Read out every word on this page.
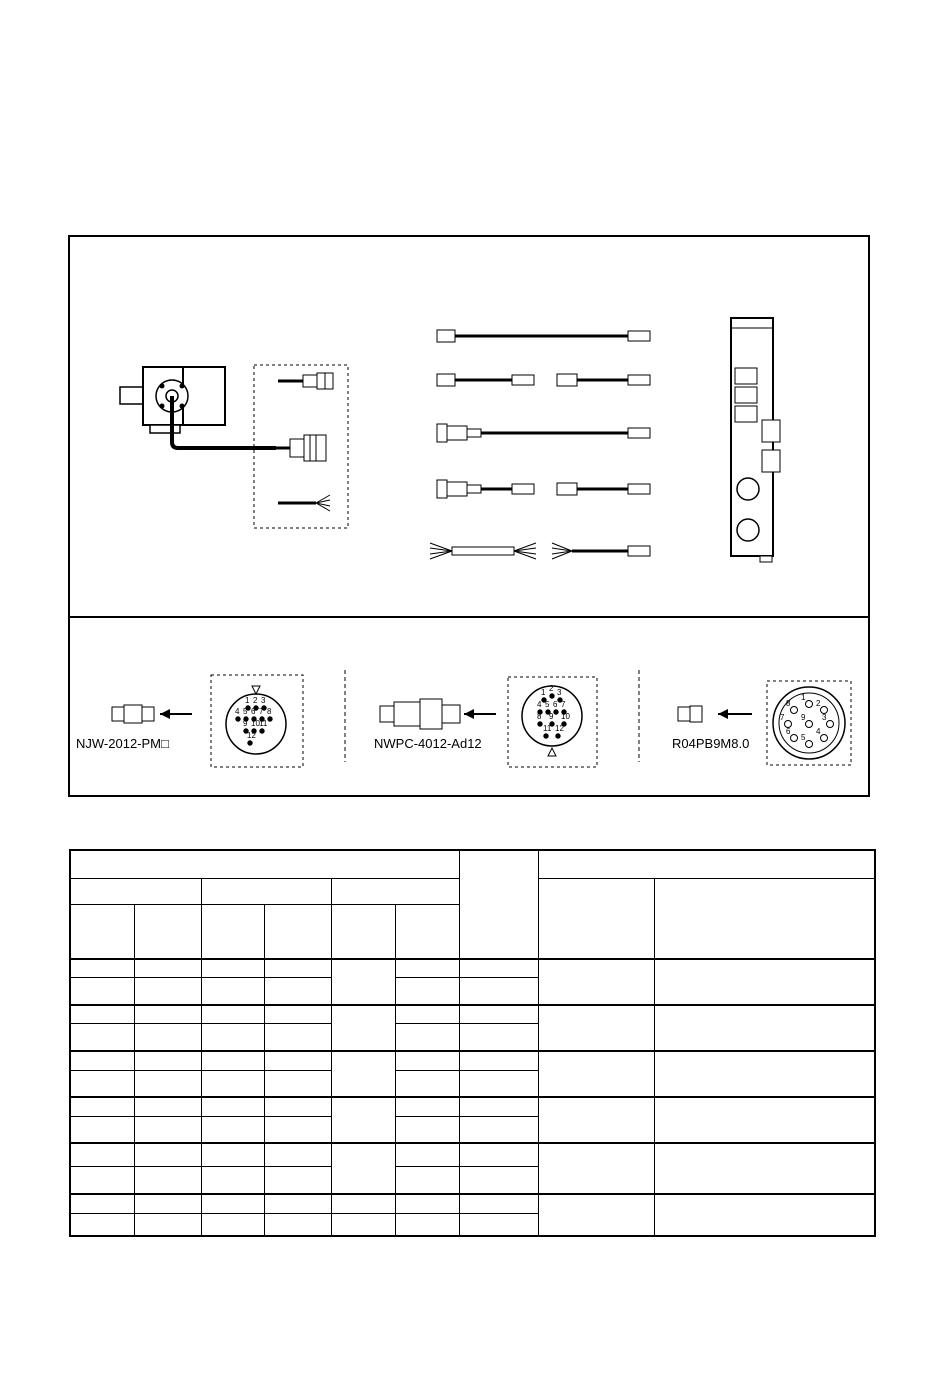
NJW-2012-PM□
1 2 3
4 5 6 7 8
9 10 11
12
NWPC-4012-Ad12
1 2 3
4 5 6 7
8 9 10
11 12
R04PB9M8.0
1
2
3
4
5
6
7
8
9
